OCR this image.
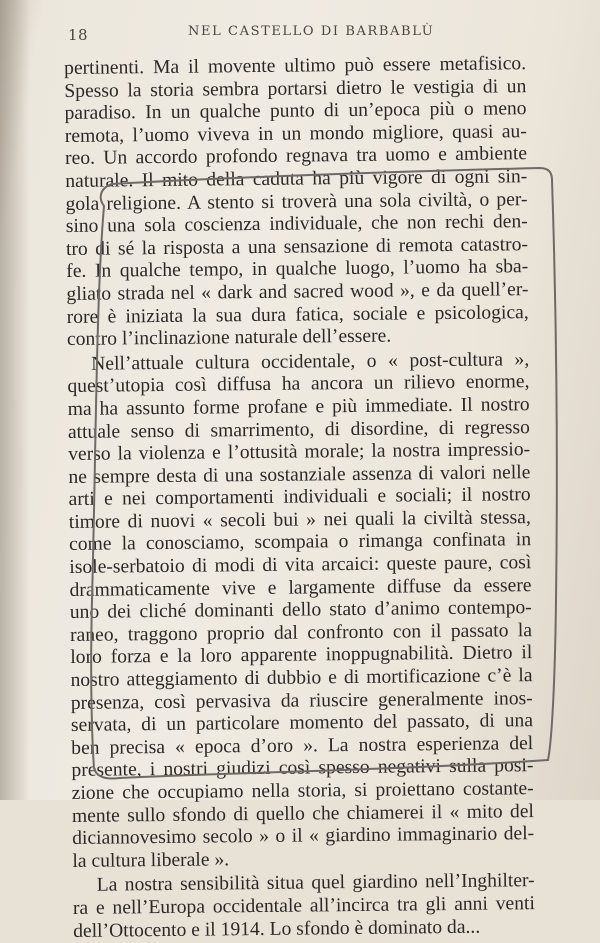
18	NEL CASTELLO DI BARBABLÙ
pertinenti. Ma il movente ultimo può essere metafisico.
Spesso la storia sembra portarsi dietro le vestigia di un
paradiso. In un qualche punto di un’epoca più o meno
remota, l’uomo viveva in un mondo migliore, quasi au-
reo. Un accordo profondo regnava tra uomo e ambiente
naturale. Il mito della caduta ha più vigore di ogni sin-
gola religione. A stento si troverà una sola civiltà, o per-
sino una sola coscienza individuale, che non rechi den-
tro di sé la risposta a una sensazione di remota catastro-
fe. In qualche tempo, in qualche luogo, l’uomo ha sba-
gliato strada nel « dark and sacred wood », e da quell’er-
rore è iniziata la sua dura fatica, sociale e psicologica,
contro l’inclinazione naturale dell’essere.
Nell’attuale cultura occidentale, o « post-cultura »,
quest’utopia così diffusa ha ancora un rilievo enorme,
ma ha assunto forme profane e più immediate. Il nostro
attuale senso di smarrimento, di disordine, di regresso
verso la violenza e l’ottusità morale; la nostra impressio-
ne sempre desta di una sostanziale assenza di valori nelle
arti e nei comportamenti individuali e sociali; il nostro
timore di nuovi « secoli bui » nei quali la civiltà stessa,
come la conosciamo, scompaia o rimanga confinata in
isole-serbatoio di modi di vita arcaici: queste paure, così
drammaticamente vive e largamente diffuse da essere
uno dei cliché dominanti dello stato d’animo contempo-
raneo, traggono proprio dal confronto con il passato la
loro forza e la loro apparente inoppugnabilità. Dietro il
nostro atteggiamento di dubbio e di mortificazione c’è la
presenza, così pervasiva da riuscire generalmente inos-
servata, di un particolare momento del passato, di una
ben precisa « epoca d’oro ». La nostra esperienza del
presente, i nostri giudizi così spesso negativi sulla posi-
zione che occupiamo nella storia, si proiettano costante-
mente sullo sfondo di quello che chiamerei il « mito del
diciannovesimo secolo » o il « giardino immaginario del-
la cultura liberale ».
La nostra sensibilità situa quel giardino nell’Inghilter-
ra e nell’Europa occidentale all’incirca tra gli anni venti
dell’Ottocento e il 1914. Lo sfondo è dominato da...
